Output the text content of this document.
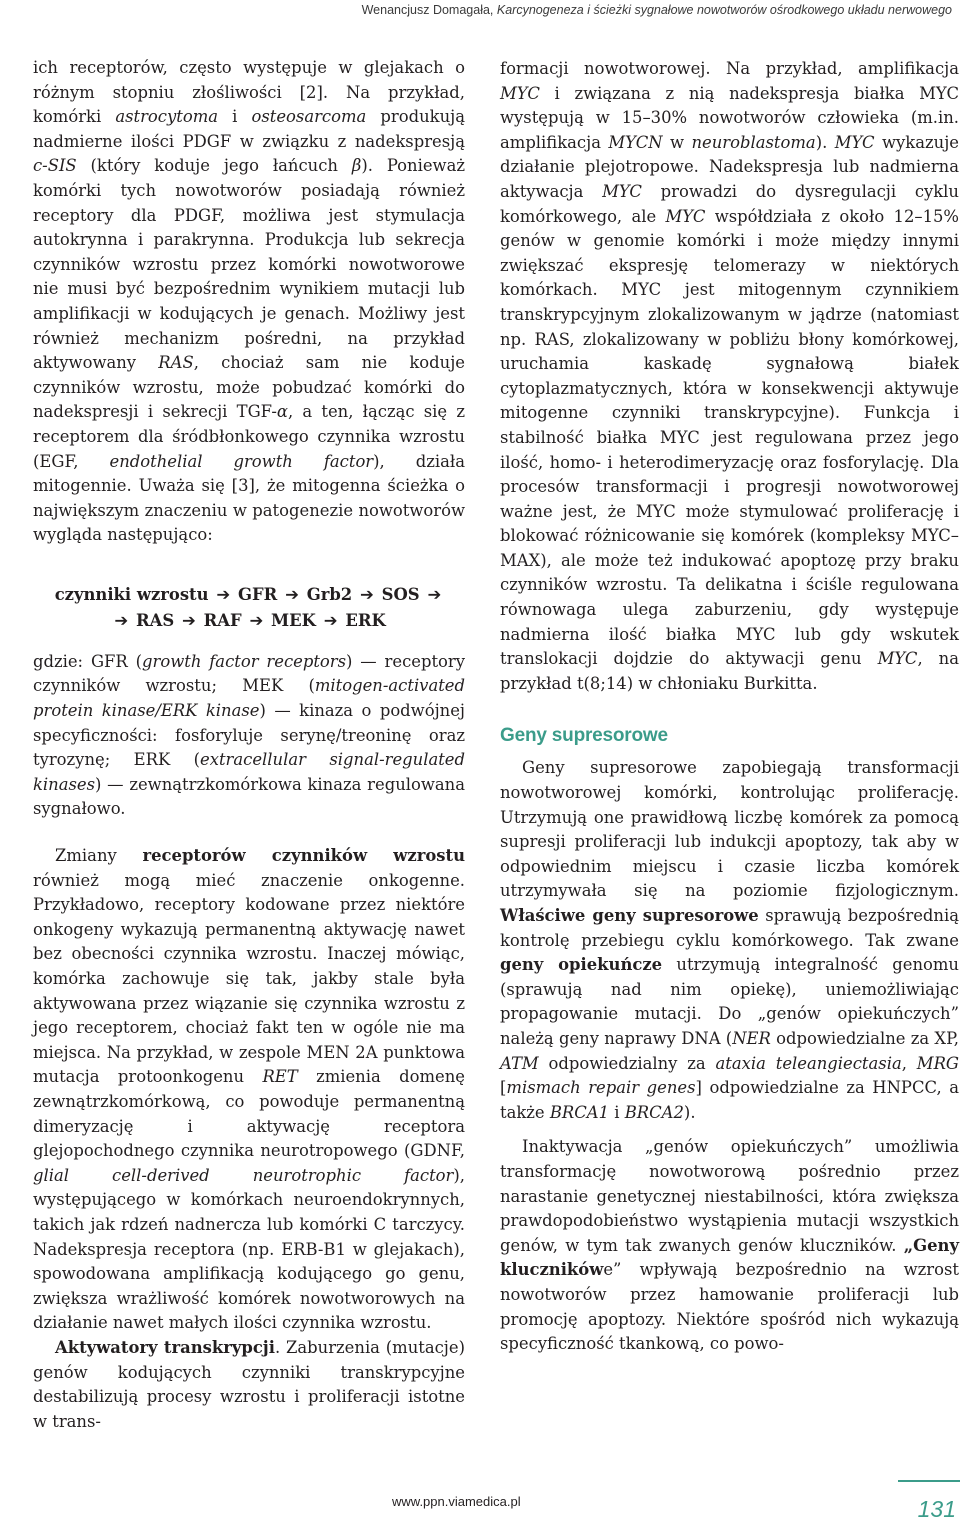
Wenancjusz Domagała, Karcynogeneza i ścieżki sygnałowe nowotworów ośrodkowego układu nerwowego

ich receptorów, często występuje w glejakach o różnym stopniu złośliwości [2]. Na przykład, komórki astrocytoma i osteosarcoma produkują nadmierne ilości PDGF w związku z nadekspresją c-SIS (który koduje jego łańcuch β). Ponieważ komórki tych nowotworów posiadają również receptory dla PDGF, możliwa jest stymulacja autokrynna i parakrynna. Produkcja lub sekrecja czynników wzrostu przez komórki nowotworowe nie musi być bezpośrednim wynikiem mutacji lub amplifikacji w kodujących je genach. Możliwy jest również mechanizm pośredni, na przykład aktywowany RAS, chociaż sam nie koduje czynników wzrostu, może pobudzać komórki do nadekspresji i sekrecji TGF-α, a ten, łącząc się z receptorem dla śródbłonkowego czynnika wzrostu (EGF, endothelial growth factor), działa mitogennie. Uważa się [3], że mitogenna ścieżka o największym znaczeniu w patogenezie nowotworów wygląda następująco:

czynniki wzrostu ➔ GFR ➔ Grb2 ➔ SOS ➔
➔ RAS ➔ RAF ➔ MEK ➔ ERK

gdzie: GFR (growth factor receptors) — receptory czynników wzrostu; MEK (mitogen-activated protein kinase/ERK kinase) — kinaza o podwójnej specyficzności: fosforyluje serynę/treoninę oraz tyrozynę; ERK (extracellular signal-regulated kinases) — zewnątrzkomórkowa kinaza regulowana sygnałowo.

Zmiany receptorów czynników wzrostu również mogą mieć znaczenie onkogenne. Przykładowo, receptory kodowane przez niektóre onkogeny wykazują permanentną aktywację nawet bez obecności czynnika wzrostu. Inaczej mówiąc, komórka zachowuje się tak, jakby stale była aktywowana przez wiązanie się czynnika wzrostu z jego receptorem, chociaż fakt ten w ogóle nie ma miejsca. Na przykład, w zespole MEN 2A punktowa mutacja protoonkogenu RET zmienia domenę zewnątrzkomórkową, co powoduje permanentną dimeryzację i aktywację receptora glejopochodnego czynnika neurotropowego (GDNF, glial cell-derived neurotrophic factor), występującego w komórkach neuroendokrynnych, takich jak rdzeń nadnercza lub komórki C tarczycy. Nadekspresja receptora (np. ERB-B1 w glejakach), spowodowana amplifikacją kodującego go genu, zwiększa wrażliwość komórek nowotworowych na działanie nawet małych ilości czynnika wzrostu.

Aktywatory transkrypcji. Zaburzenia (mutacje) genów kodujących czynniki transkrypcyjne destabilizują procesy wzrostu i proliferacji istotne w trans-

formacji nowotworowej. Na przykład, amplifikacja MYC i związana z nią nadekspresja białka MYC występują w 15–30% nowotworów człowieka (m.in. amplifikacja MYCN w neuroblastoma). MYC wykazuje działanie plejotropowe. Nadekspresja lub nadmierna aktywacja MYC prowadzi do dysregulacji cyklu komórkowego, ale MYC współdziała z około 12–15% genów w genomie komórki i może między innymi zwiększać ekspresję telomerazy w niektórych komórkach. MYC jest mitogennym czynnikiem transkrypcyjnym zlokalizowanym w jądrze (natomiast np. RAS, zlokalizowany w pobliżu błony komórkowej, uruchamia kaskadę sygnałową białek cytoplazmatycznych, która w konsekwencji aktywuje mitogenne czynniki transkrypcyjne). Funkcja i stabilność białka MYC jest regulowana przez jego ilość, homo- i heterodimeryzację oraz fosforylację. Dla procesów transformacji i progresji nowotworowej ważne jest, że MYC może stymulować proliferację i blokować różnicowanie się komórek (kompleksy MYC–MAX), ale może też indukować apoptozę przy braku czynników wzrostu. Ta delikatna i ściśle regulowana równowaga ulega zaburzeniu, gdy występuje nadmierna ilość białka MYC lub gdy wskutek translokacji dojdzie do aktywacji genu MYC, na przykład t(8;14) w chłoniaku Burkitta.

Geny supresorowe

Geny supresorowe zapobiegają transformacji nowotworowej komórki, kontrolując proliferację. Utrzymują one prawidłową liczbę komórek za pomocą supresji proliferacji lub indukcji apoptozy, tak aby w odpowiednim miejscu i czasie liczba komórek utrzymywała się na poziomie fizjologicznym. Właściwe geny supresorowe sprawują bezpośrednią kontrolę przebiegu cyklu komórkowego. Tak zwane geny opiekuńcze utrzymują integralność genomu (sprawują nad nim opiekę), uniemożliwiając propagowanie mutacji. Do „genów opiekuńczych” należą geny naprawy DNA (NER odpowiedzialne za XP, ATM odpowiedzialny za ataxia teleangiectasia, MRG [mismach repair genes] odpowiedzialne za HNPCC, a także BRCA1 i BRCA2).

Inaktywacja „genów opiekuńczych” umożliwia transformację nowotworową pośrednio przez narastanie genetycznej niestabilności, która zwiększa prawdopodobieństwo wystąpienia mutacji wszystkich genów, w tym tak zwanych genów kluczników. „Geny klucznikówe” wpływają bezpośrednio na wzrost nowotworów przez hamowanie proliferacji lub promocję apoptozy. Niektóre spośród nich wykazują specyficzność tkankową, co powo-

www.ppn.viamedica.pl	131
